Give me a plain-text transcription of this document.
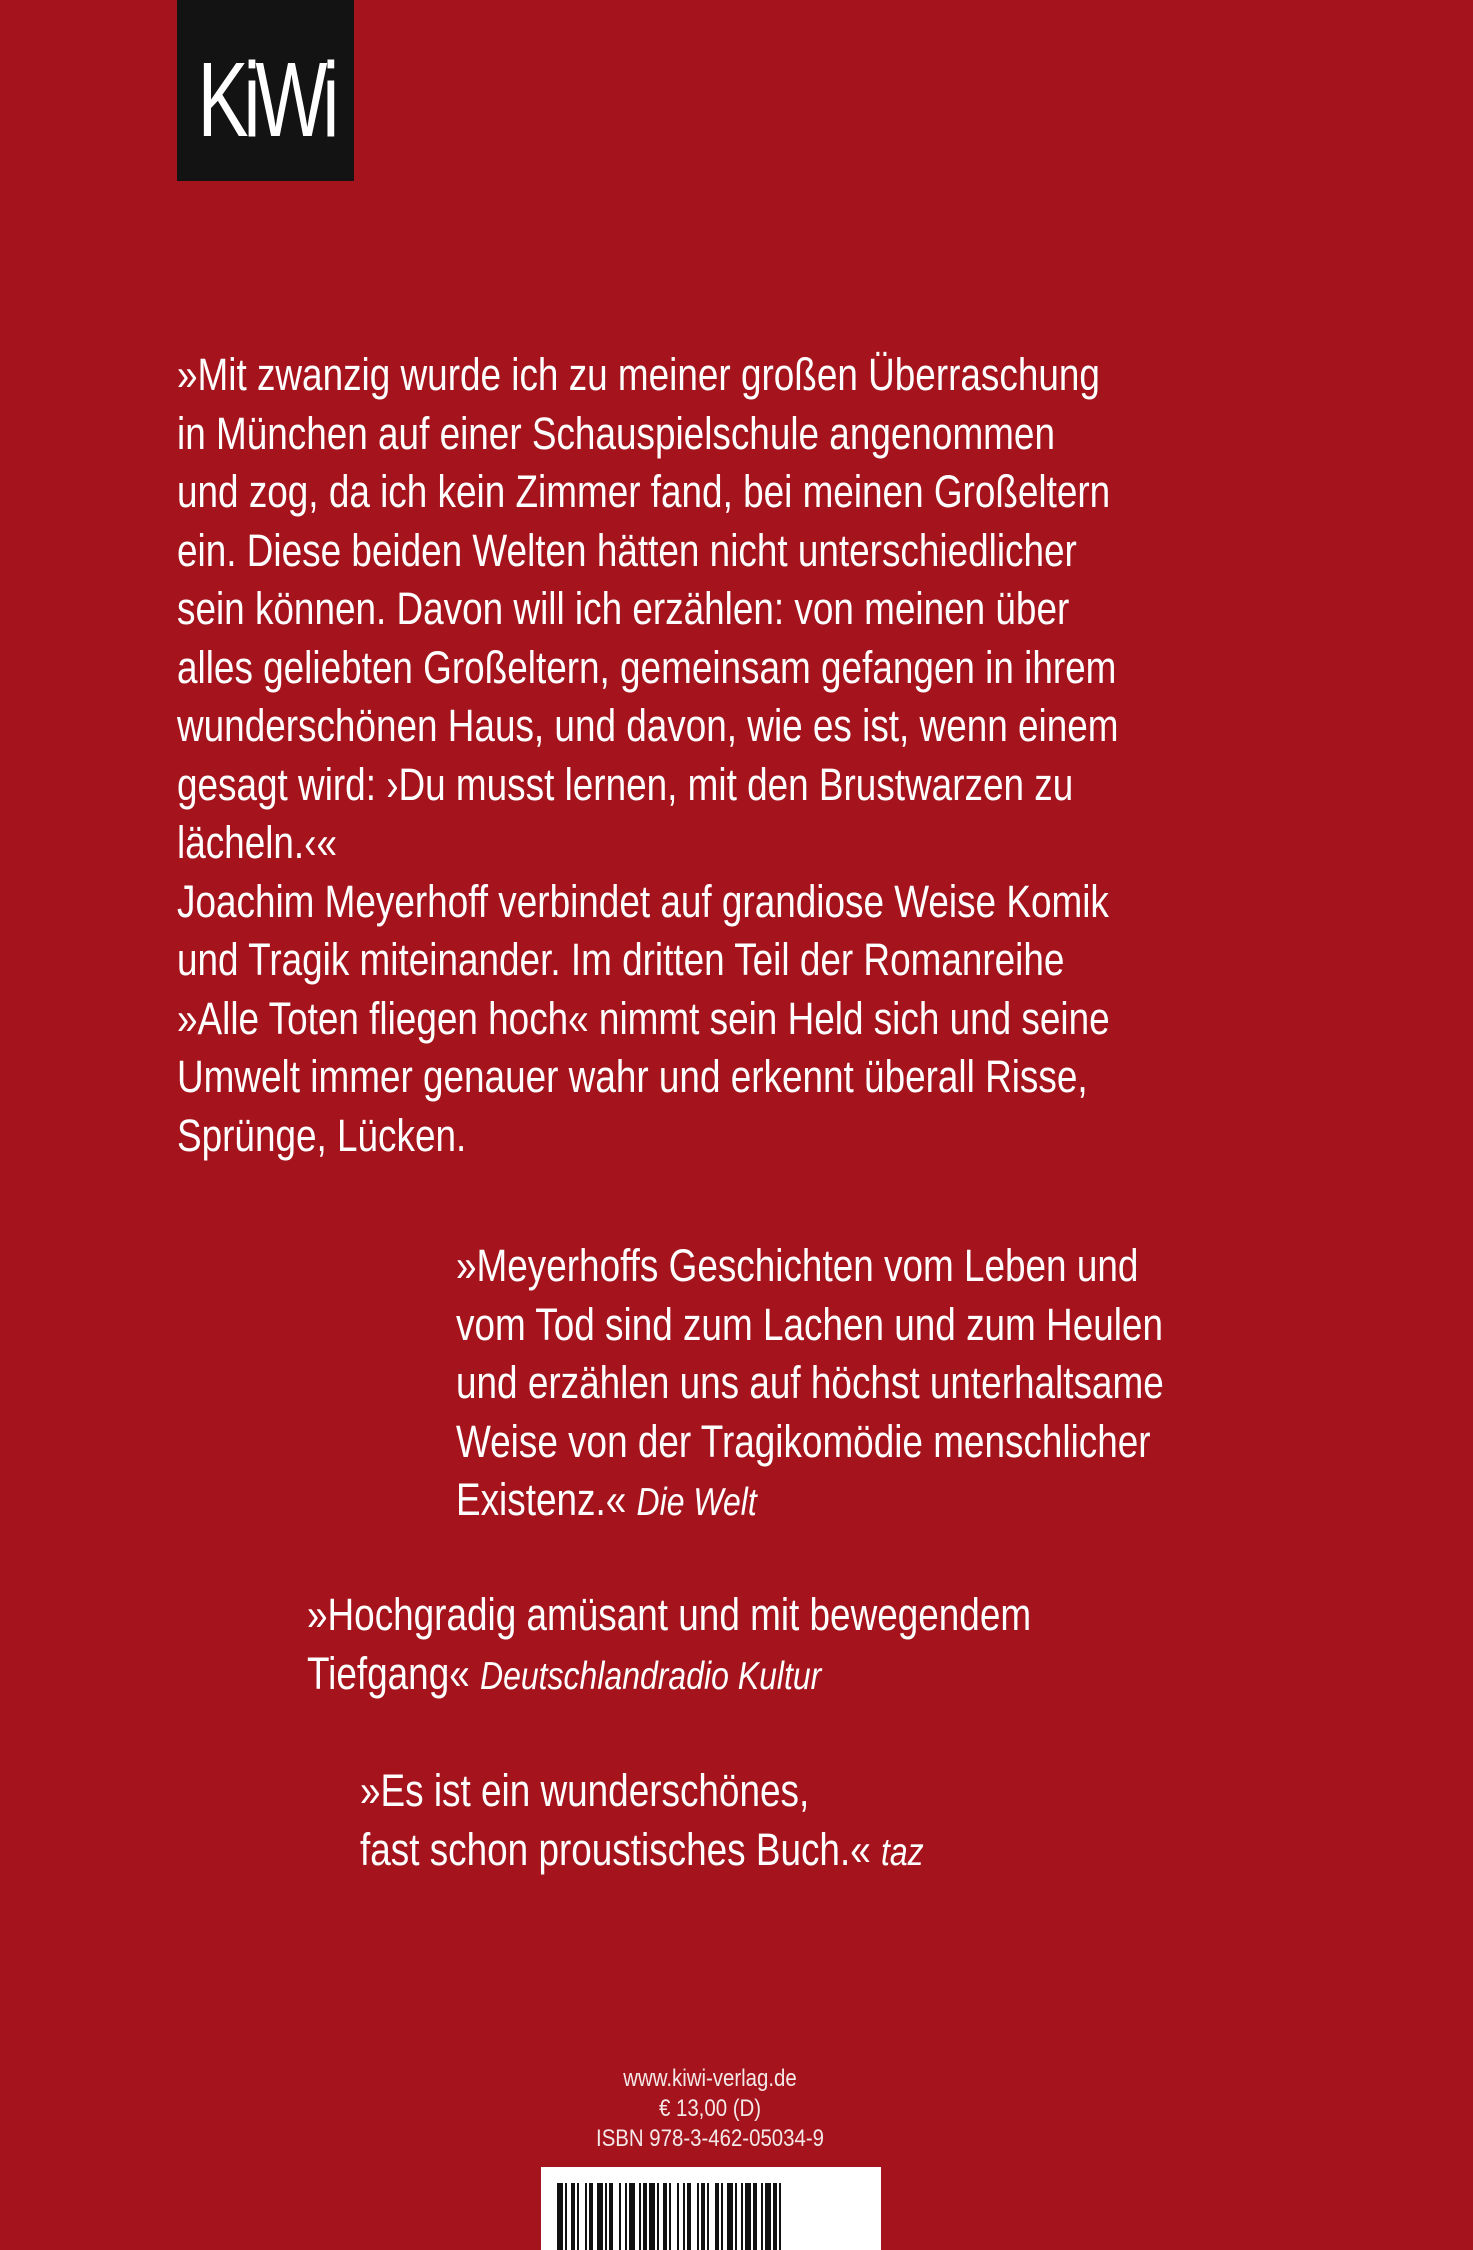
KiWi

»Mit zwanzig wurde ich zu meiner großen Überraschung

in München auf einer Schauspielschule angenommen

und zog, da ich kein Zimmer fand, bei meinen Großeltern

ein. Diese beiden Welten hätten nicht unterschiedlicher

sein können. Davon will ich erzählen: von meinen über

alles geliebten Großeltern, gemeinsam gefangen in ihrem

wunderschönen Haus, und davon, wie es ist, wenn einem

gesagt wird: ›Du musst lernen, mit den Brustwarzen zu

lächeln.‹«

Joachim Meyerhoff verbindet auf grandiose Weise Komik

und Tragik miteinander. Im dritten Teil der Romanreihe

»Alle Toten fliegen hoch« nimmt sein Held sich und seine

Umwelt immer genauer wahr und erkennt überall Risse,

Sprünge, Lücken.

»Meyerhoffs Geschichten vom Leben und

vom Tod sind zum Lachen und zum Heulen

und erzählen uns auf höchst unterhaltsame

Weise von der Tragikomödie menschlicher

Existenz.« Die Welt

»Hochgradig amüsant und mit bewegendem

Tiefgang« Deutschlandradio Kultur

»Es ist ein wunderschönes,

fast schon proustisches Buch.« taz

www.kiwi-verlag.de
€ 13,00 (D)
ISBN 978-3-462-05034-9
